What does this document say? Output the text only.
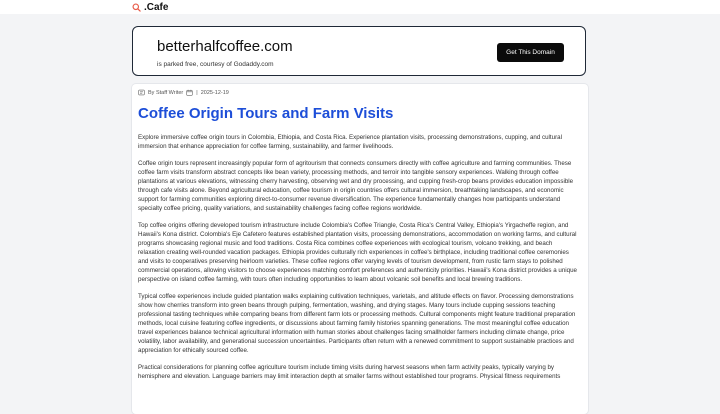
.Cafe
betterhalfcoffee.com
is parked free, courtesy of Godaddy.com
Get This Domain
By Staff Writer | 2025-12-19
Coffee Origin Tours and Farm Visits

Explore immersive coffee origin tours in Colombia, Ethiopia, and Costa Rica. Experience plantation visits, processing demonstrations, cupping, and cultural immersion that enhance appreciation for coffee farming, sustainability, and farmer livelihoods.

Coffee origin tours represent increasingly popular form of agritourism that connects consumers directly with coffee agriculture and farming communities. These coffee farm visits transform abstract concepts like bean variety, processing methods, and terroir into tangible sensory experiences. Walking through coffee plantations at various elevations, witnessing cherry harvesting, observing wet and dry processing, and cupping fresh-crop beans provides education impossible through cafe visits alone. Beyond agricultural education, coffee tourism in origin countries offers cultural immersion, breathtaking landscapes, and economic support for farming communities exploring direct-to-consumer revenue diversification. The experience fundamentally changes how participants understand specialty coffee pricing, quality variations, and sustainability challenges facing coffee regions worldwide.

Top coffee origins offering developed tourism infrastructure include Colombia's Coffee Triangle, Costa Rica's Central Valley, Ethiopia's Yirgacheffe region, and Hawaii's Kona district. Colombia's Eje Cafetero features established plantation visits, processing demonstrations, accommodation on working farms, and cultural programs showcasing regional music and food traditions. Costa Rica combines coffee experiences with ecological tourism, volcano trekking, and beach relaxation creating well-rounded vacation packages. Ethiopia provides culturally rich experiences in coffee's birthplace, including traditional coffee ceremonies and visits to cooperatives preserving heirloom varieties. These coffee regions offer varying levels of tourism development, from rustic farm stays to polished commercial operations, allowing visitors to choose experiences matching comfort preferences and authenticity priorities. Hawaii's Kona district provides a unique perspective on island coffee farming, with tours often including opportunities to learn about volcanic soil benefits and local brewing traditions.

Typical coffee experiences include guided plantation walks explaining cultivation techniques, varietals, and altitude effects on flavor. Processing demonstrations show how cherries transform into green beans through pulping, fermentation, washing, and drying stages. Many tours include cupping sessions teaching professional tasting techniques while comparing beans from different farm lots or processing methods. Cultural components might feature traditional preparation methods, local cuisine featuring coffee ingredients, or discussions about farming family histories spanning generations. The most meaningful coffee education travel experiences balance technical agricultural information with human stories about challenges facing smallholder farmers including climate change, price volatility, labor availability, and generational succession uncertainties. Participants often return with a renewed commitment to support sustainable practices and appreciation for ethically sourced coffee.

Practical considerations for planning coffee agriculture tourism include timing visits during harvest seasons when farm activity peaks, typically varying by hemisphere and elevation. Language barriers may limit interaction depth at smaller farms without established tour programs. Physical fitness requirements
